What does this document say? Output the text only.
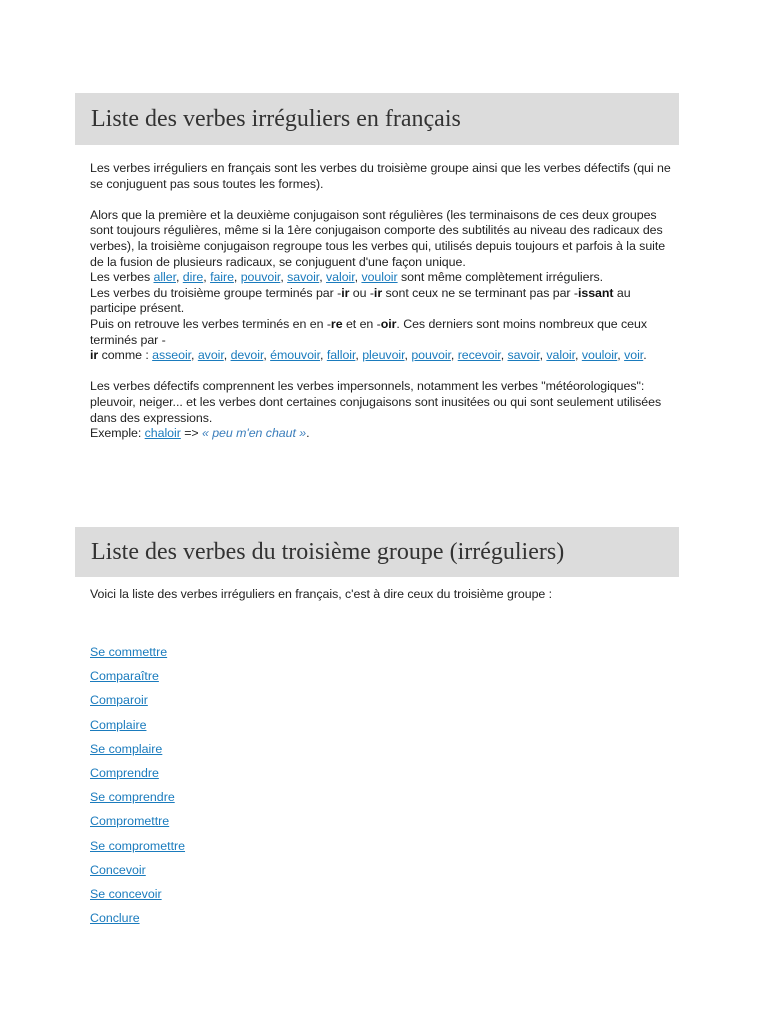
Liste des verbes irréguliers en français

Les verbes irréguliers en français sont les verbes du troisième groupe ainsi que les verbes défectifs (qui ne se conjuguent pas sous toutes les formes).

Alors que la première et la deuxième conjugaison sont régulières (les terminaisons de ces deux groupes sont toujours régulières, même si la 1ère conjugaison comporte des subtilités au niveau des radicaux des verbes), la troisième conjugaison regroupe tous les verbes qui, utilisés depuis toujours et parfois à la suite de la fusion de plusieurs radicaux, se conjuguent d'une façon unique.
Les verbes aller, dire, faire, pouvoir, savoir, valoir, vouloir sont même complètement irréguliers.
Les verbes du troisième groupe terminés par -ir ou -ir sont ceux ne se terminant pas par -issant au participe présent.
Puis on retrouve les verbes terminés en en -re et en -oir. Ces derniers sont moins nombreux que ceux terminés par -
ir comme : asseoir, avoir, devoir, émouvoir, falloir, pleuvoir, pouvoir, recevoir, savoir, valoir, vouloir, voir.

Les verbes défectifs comprennent les verbes impersonnels, notamment les verbes "météorologiques": pleuvoir, neiger... et les verbes dont certaines conjugaisons sont inusitées ou qui sont seulement utilisées dans des expressions.
Exemple: chaloir => « peu m'en chaut ».

Liste des verbes du troisième groupe (irréguliers)
Voici la liste des verbes irréguliers en français, c'est à dire ceux du troisième groupe :
Se commettre
Comparaître
Comparoir
Complaire
Se complaire
Comprendre
Se comprendre
Compromettre
Se compromettre
Concevoir
Se concevoir
Conclure
